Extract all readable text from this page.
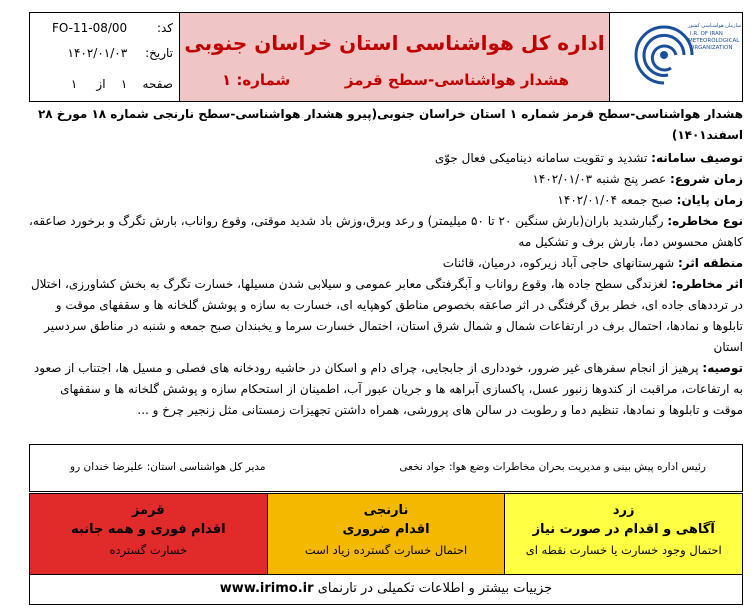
کد: FO-11-08/00
تاریخ: ۱۴۰۲/۰۱/۰۳
صفحه    ۱    از     ۱
اداره کل هواشناسی استان خراسان جنوبی
هشدار هواشناسی-سطح قرمز
شماره: ۱
سازمان هواشناسی کشور
I.R. OF IRAN
METEOROLOGICAL
ORGANIZATION

هشدار هواشناسی-سطح قرمز شماره ۱ استان خراسان جنوبی(پیرو هشدار هواشناسی-سطح نارنجی شماره ۱۸ مورخ ۲۸ اسفند۱۴۰۱)

توصیف سامانه: تشدید و تقویت سامانه دینامیکی فعال جوّی

زمان شروع: عصر پنج شنبه ۱۴۰۲/۰۱/۰۳

زمان پایان: صبح جمعه ۱۴۰۲/۰۱/۰۴

نوع مخاطره: رگبارشدید باران(بارش سنگین ۲۰ تا ۵۰ میلیمتر) و رعد وبرق،وزش باد شدید موقتی، وقوع رواناب، بارش تگرگ و برخورد صاعقه، کاهش محسوس دما، بارش برف و تشکیل مه

منطقه اثر: شهرستانهای حاجی آباد زیرکوه، درمیان، قائنات

اثر مخاطره: لغزندگی سطح جاده ها، وقوع رواناب و آبگرفتگی معابر عمومی و سیلابی شدن مسیلها، خسارت تگرگ به بخش کشاورزی، اختلال در ترددهای جاده ای، خطر برق گرفتگی در اثر صاعقه بخصوص مناطق کوهپایه ای، خسارت به سازه و پوشش گلخانه ها و سقفهای موقت و تابلوها و نمادها، احتمال برف در ارتفاعات شمال و شمال شرق استان، احتمال خسارت سرما و یخبندان صبح جمعه و شنبه در مناطق سردسیر استان

توصیه: پرهیز از انجام سفرهای غیر ضرور، خودداری از جابجایی، چرای دام و اسکان در حاشیه رودخانه های فصلی و مسیل ها، اجتناب از صعود به ارتفاعات، مراقبت از کندوها زنبور عسل، پاکسازی آبراهه ها و جریان عبور آب، اطمینان از استحکام سازه و پوشش گلخانه ها و سقفهای موقت و تابلوها و نمادها، تنظیم دما و رطوبت در سالن های پرورشی، همراه داشتن تجهیزات زمستانی مثل زنجیر چرخ و ...

رئیس اداره پیش بینی و مدیریت بحران مخاطرات وضع هوا: جواد نخعی
مدیر کل هواشناسی استان: علیرضا خندان رو
قرمز
اقدام فوری و همه جانبه
خسارت گسترده
نارنجی
اقدام ضروری
احتمال خسارت گسترده زیاد است
زرد
آگاهی و اقدام در صورت نیاز
احتمال وجود خسارت یا خسارت نقطه ای
جزییات بیشتر و اطلاعات تکمیلی در تارنمای www.irimo.ir
